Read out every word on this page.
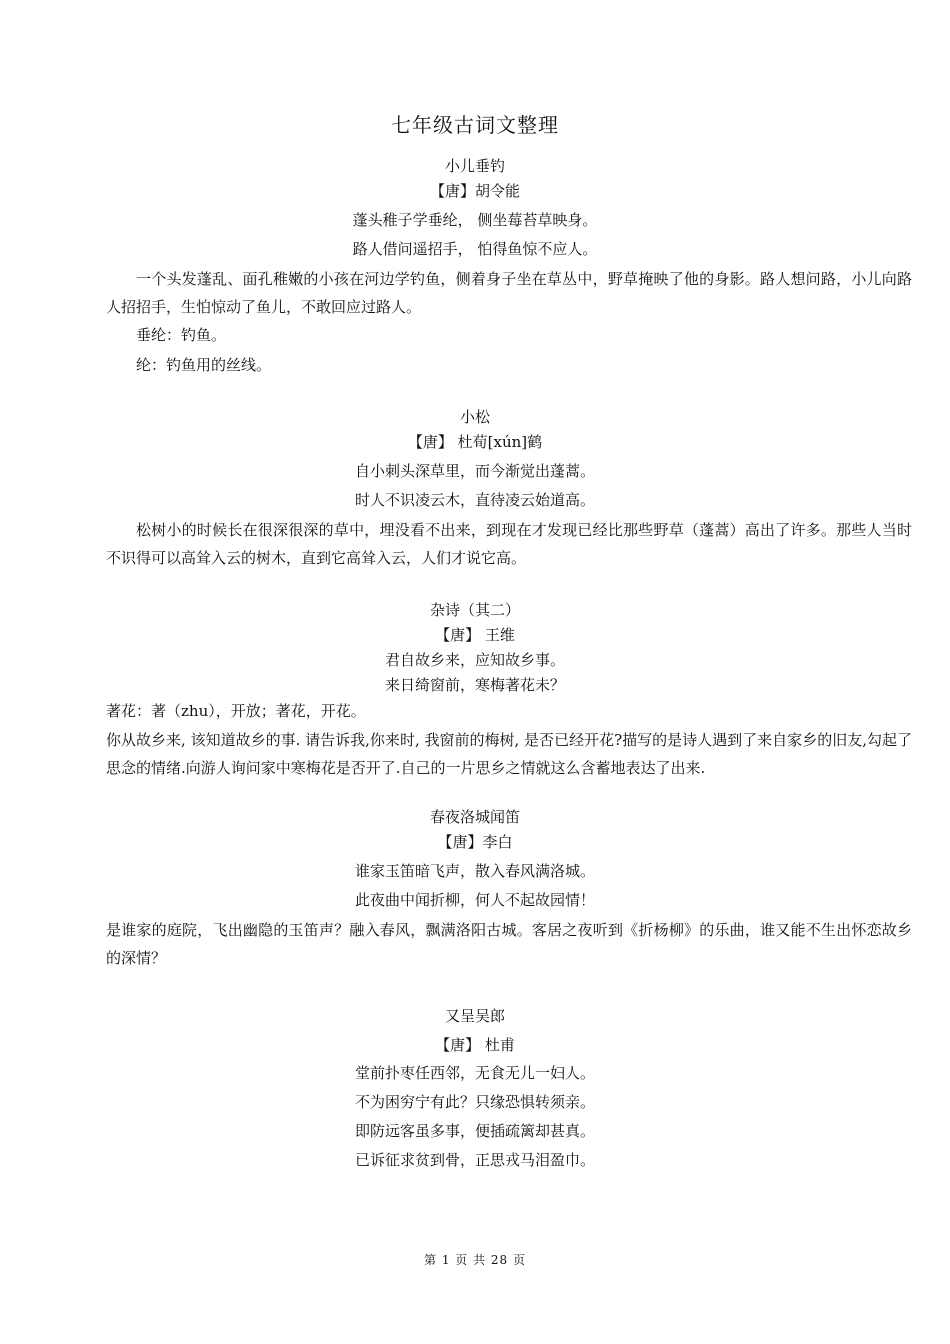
七年级古词文整理
小儿垂钓
【唐】胡令能
蓬头稚子学垂纶， 侧坐莓苔草映身。
路人借问遥招手， 怕得鱼惊不应人。
一个头发蓬乱、面孔稚嫩的小孩在河边学钓鱼，侧着身子坐在草丛中，野草掩映了他的身影。路人想问路，小儿向路人招招手，生怕惊动了鱼儿，不敢回应过路人。
垂纶：钓鱼。
纶：钓鱼用的丝线。
小松
【唐】 杜荀[xún]鹤
自小刺头深草里，而今渐觉出蓬蒿。
时人不识凌云木，直待凌云始道高。
松树小的时候长在很深很深的草中，埋没看不出来，到现在才发现已经比那些野草（蓬蒿）高出了许多。那些人当时不识得可以高耸入云的树木，直到它高耸入云，人们才说它高。
杂诗（其二）
【唐】 王维
君自故乡来，应知故乡事。
来日绮窗前，寒梅著花未？
著花：著（zhu），开放；著花，开花。
你从故乡来, 该知道故乡的事. 请告诉我,你来时, 我窗前的梅树, 是否已经开花?描写的是诗人遇到了来自家乡的旧友,勾起了思念的情绪.向游人询问家中寒梅花是否开了.自己的一片思乡之情就这么含蓄地表达了出来.
春夜洛城闻笛
【唐】李白
谁家玉笛暗飞声，散入春风满洛城。
此夜曲中闻折柳，何人不起故园情！
是谁家的庭院，飞出幽隐的玉笛声？融入春风，飘满洛阳古城。客居之夜听到《折杨柳》的乐曲，谁又能不生出怀恋故乡的深情？
又呈吴郎
【唐】 杜甫
堂前扑枣任西邻，无食无儿一妇人。
不为困穷宁有此？只缘恐惧转须亲。
即防远客虽多事，便插疏篱却甚真。
已诉征求贫到骨，正思戎马泪盈巾。
第 1 页 共 28 页
